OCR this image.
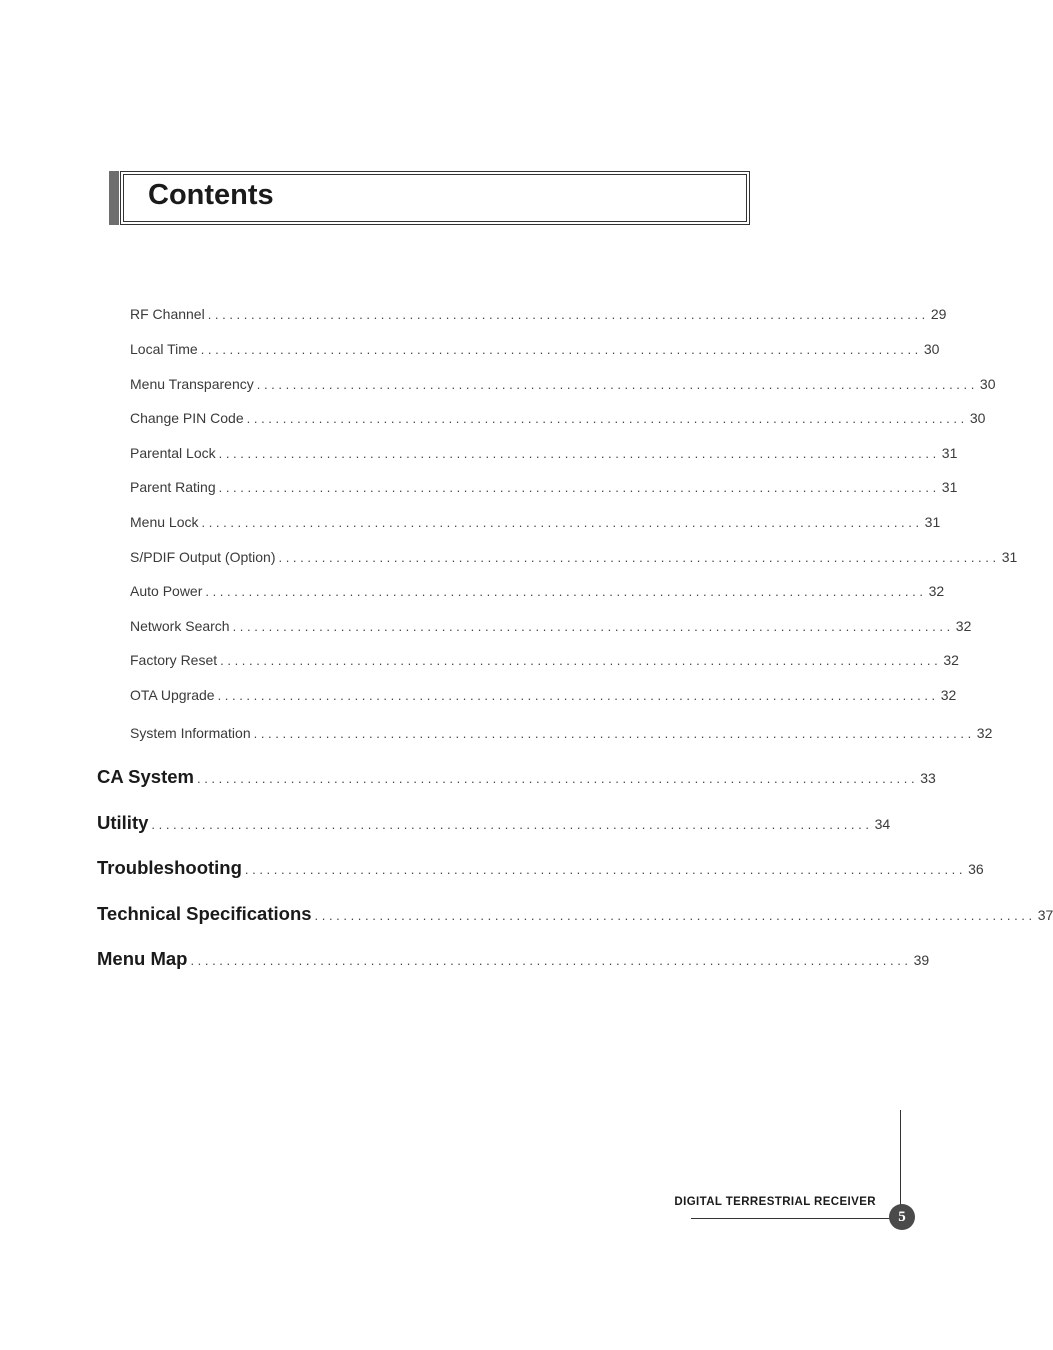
Contents
RF Channel .................................................................................................... 29
Local Time .................................................................................................... 30
Menu Transparency .................................................................................................... 30
Change PIN Code .................................................................................................... 30
Parental Lock .................................................................................................... 31
Parent Rating .................................................................................................... 31
Menu Lock .................................................................................................... 31
S/PDIF Output (Option) .................................................................................................... 31
Auto Power .................................................................................................... 32
Network Search .................................................................................................... 32
Factory Reset .................................................................................................... 32
OTA Upgrade .................................................................................................... 32
System Information .................................................................................................... 32
CA System .................................................................................................... 33
Utility .................................................................................................... 34
Troubleshooting .................................................................................................... 36
Technical Specifications .................................................................................................... 37
Menu Map .................................................................................................... 39
DIGITAL TERRESTRIAL RECEIVER
5
